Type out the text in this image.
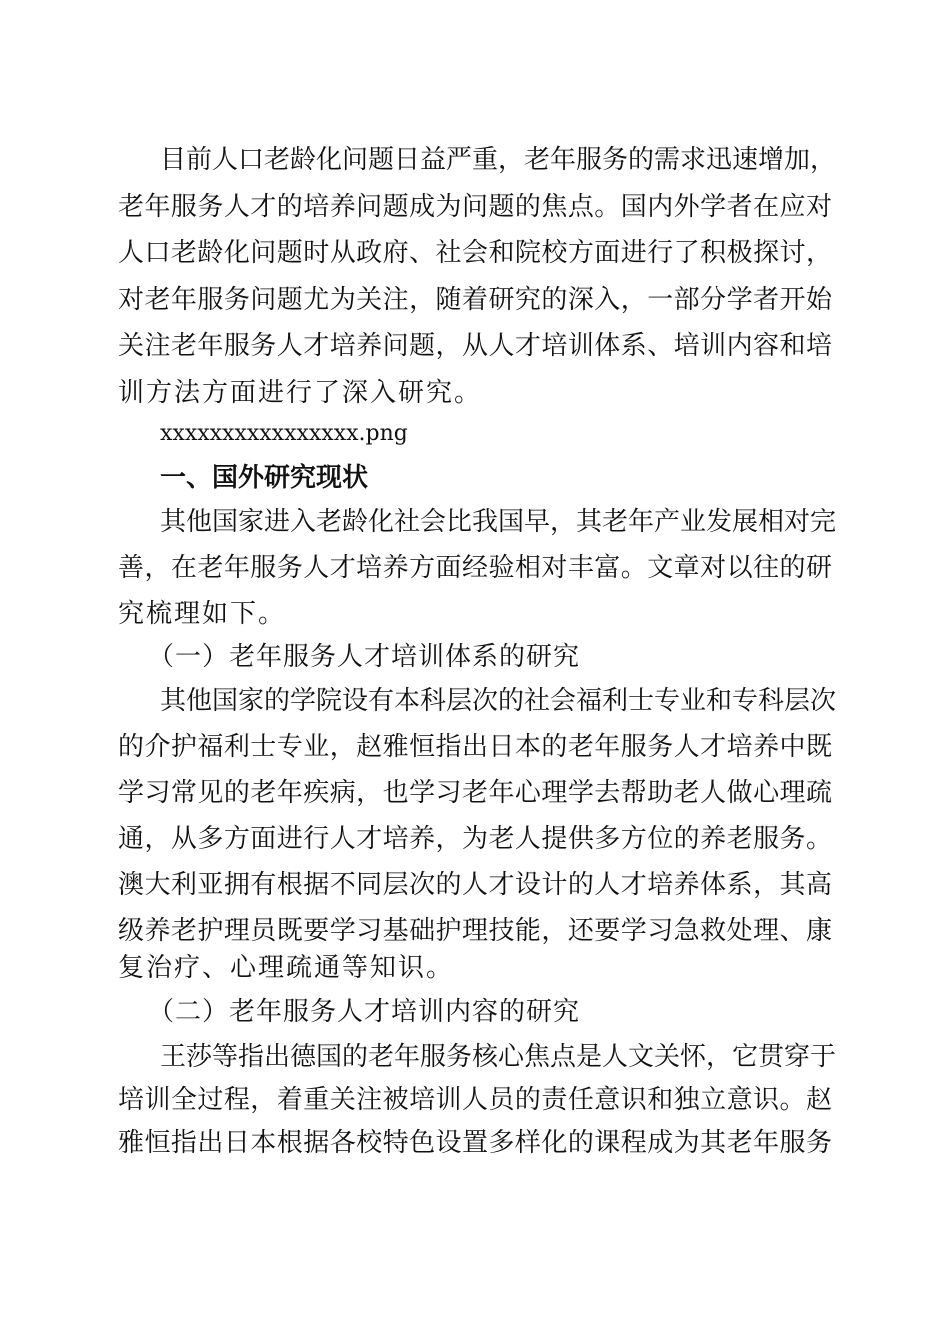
目前人口老龄化问题日益严重，老年服务的需求迅速增加，
老年服务人才的培养问题成为问题的焦点。国内外学者在应对
人口老龄化问题时从政府、社会和院校方面进行了积极探讨，
对老年服务问题尤为关注，随着研究的深入，一部分学者开始
关注老年服务人才培养问题，从人才培训体系、培训内容和培
训方法方面进行了深入研究。
xxxxxxxxxxxxxxxx.png
一、国外研究现状
其他国家进入老龄化社会比我国早，其老年产业发展相对完
善，在老年服务人才培养方面经验相对丰富。文章对以往的研
究梳理如下。
（一）老年服务人才培训体系的研究
其他国家的学院设有本科层次的社会福利士专业和专科层次
的介护福利士专业，赵雅恒指出日本的老年服务人才培养中既
学习常见的老年疾病，也学习老年心理学去帮助老人做心理疏
通，从多方面进行人才培养，为老人提供多方位的养老服务。
澳大利亚拥有根据不同层次的人才设计的人才培养体系，其高
级养老护理员既要学习基础护理技能，还要学习急救处理、康
复治疗、心理疏通等知识。
（二）老年服务人才培训内容的研究
王莎等指出德国的老年服务核心焦点是人文关怀，它贯穿于
培训全过程，着重关注被培训人员的责任意识和独立意识。赵
雅恒指出日本根据各校特色设置多样化的课程成为其老年服务
